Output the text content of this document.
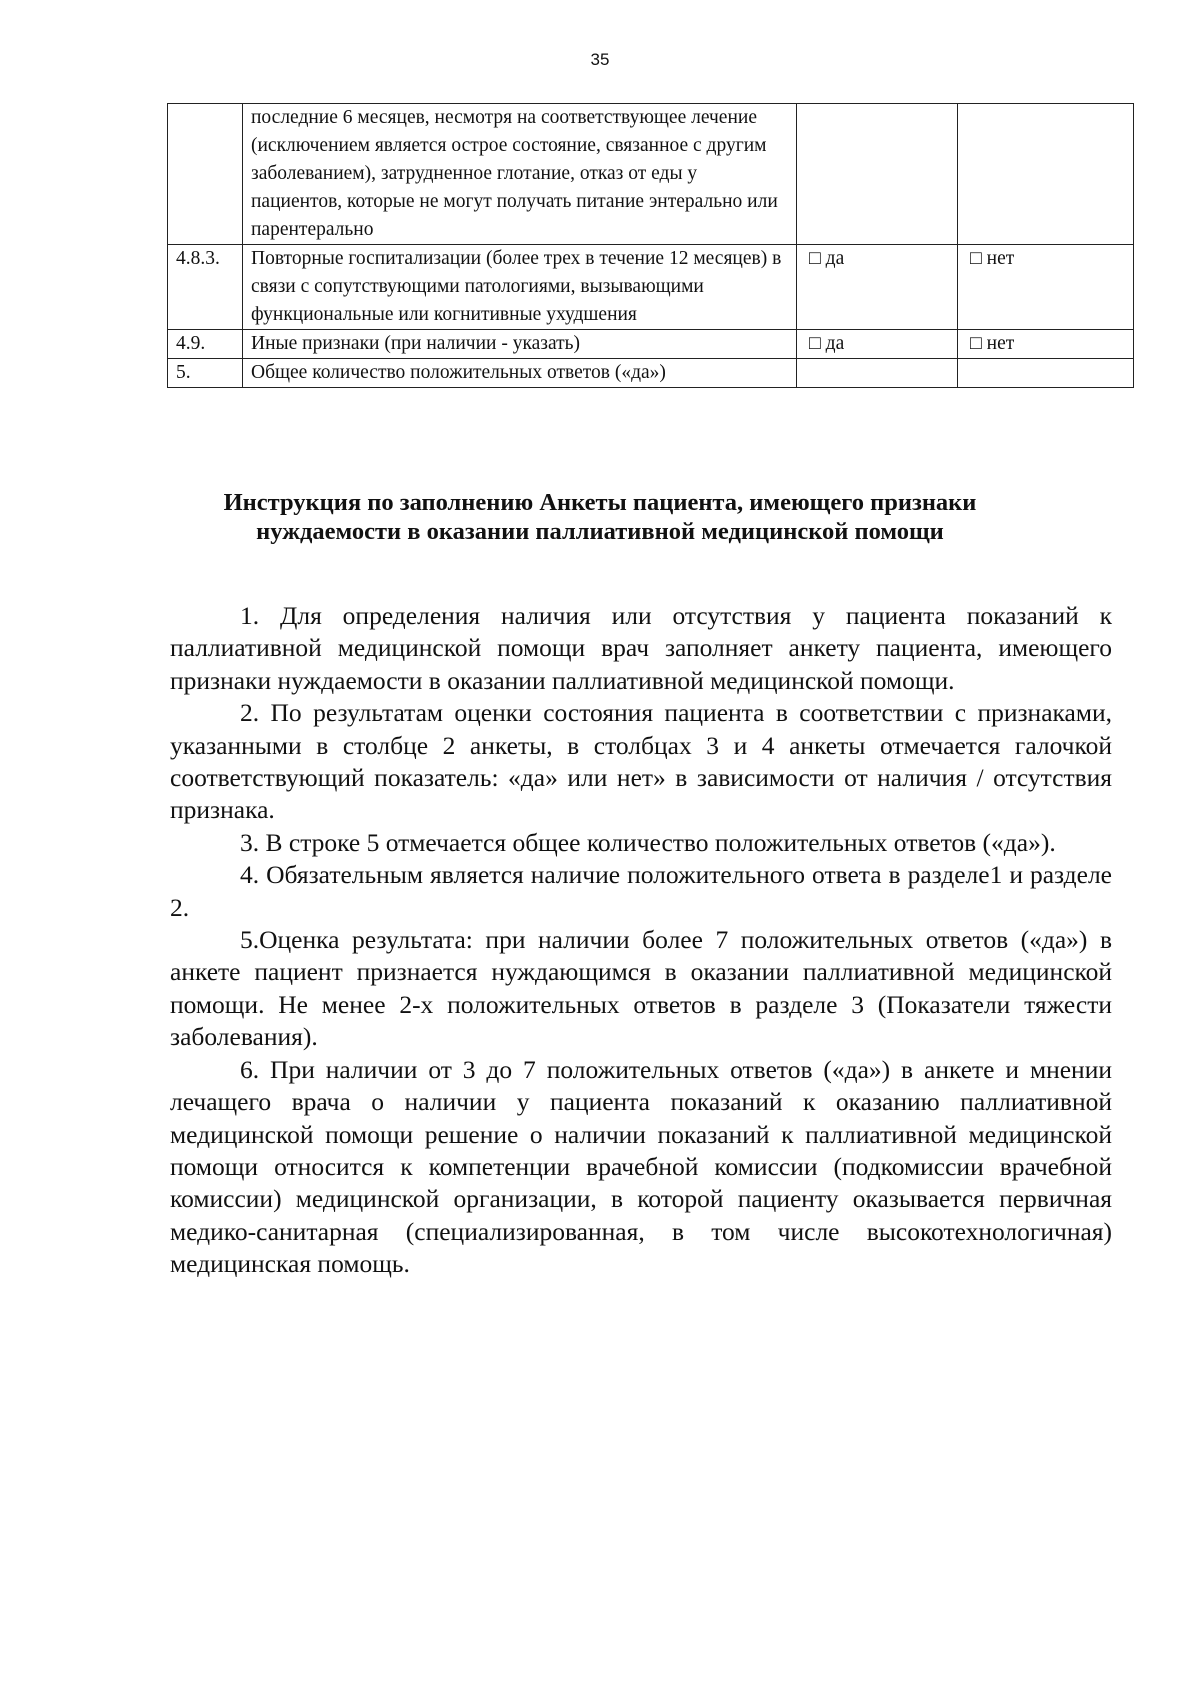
35
	последние 6 месяцев, несмотря на соответствующее лечение (исключением является острое состояние, связанное с другим заболеванием), затрудненное глотание, отказ от еды у пациентов, которые не могут получать питание энтерально или парентерально		
4.8.3.	Повторные госпитализации (более трех в течение 12 месяцев) в связи с сопутствующими патологиями, вызывающими функциональные или когнитивные ухудшения	□ да	□ нет
4.9.	Иные признаки (при наличии - указать)	□ да	□ нет
5.	Общее количество положительных ответов («да»)		
Инструкция по заполнению Анкеты пациента, имеющего признаки нуждаемости в оказании паллиативной медицинской помощи

1. Для определения наличия или отсутствия у пациента показаний к паллиативной медицинской помощи врач заполняет анкету пациента, имеющего признаки нуждаемости в оказании паллиативной медицинской помощи.

2. По результатам оценки состояния пациента в соответствии с признаками, указанными в столбце 2 анкеты, в столбцах 3 и 4 анкеты отмечается галочкой соответствующий показатель: «да» или нет» в зависимости от наличия / отсутствия признака.

3. В строке 5 отмечается общее количество положительных ответов («да»).

4. Обязательным является наличие положительного ответа в разделе1 и разделе 2.

5.Оценка результата: при наличии более 7 положительных ответов («да») в анкете пациент признается нуждающимся в оказании паллиативной медицинской помощи. Не менее 2-х положительных ответов в разделе 3 (Показатели тяжести заболевания).

6. При наличии от 3 до 7 положительных ответов («да») в анкете и мнении лечащего врача о наличии у пациента показаний к оказанию паллиативной медицинской помощи решение о наличии показаний к паллиативной медицинской помощи относится к компетенции врачебной комиссии (подкомиссии врачебной комиссии) медицинской организации, в которой пациенту оказывается первичная медико-санитарная (специализированная, в том числе высокотехнологичная) медицинская помощь.
